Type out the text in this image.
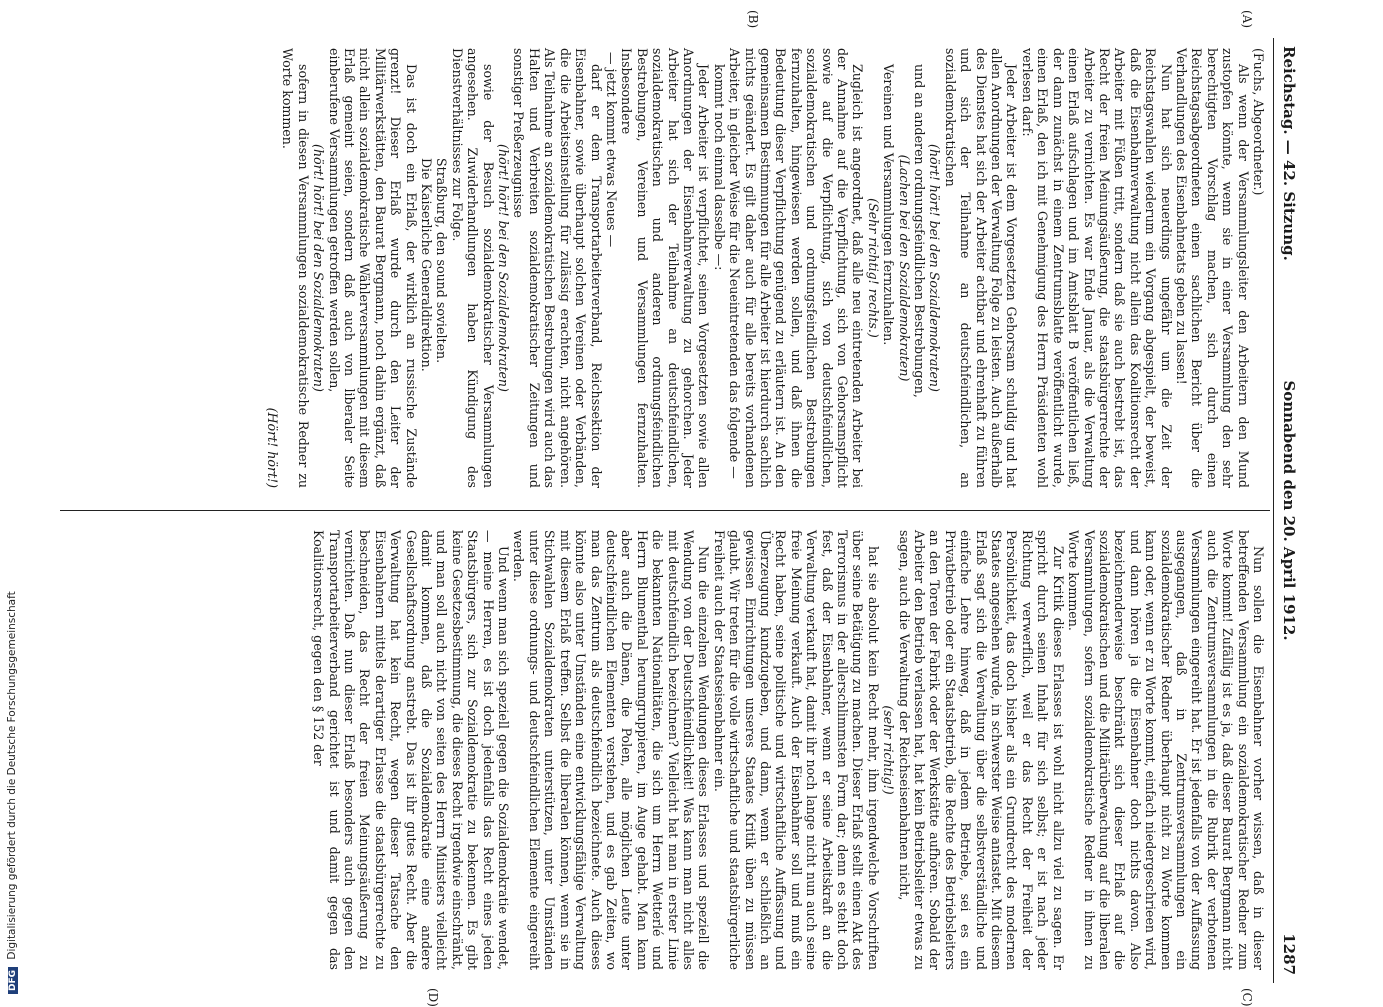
Reichstag. — 42. Sitzung.
Sonnabend den 20. April 1912.
1287
(A)
(B)
(C)
(D)

(Fuchs, Abgeordneter.)

Als wenn der Versammlungsleiter den Arbeitern den Mund zustopfen könnte, wenn sie in einer Versammlung den sehr berechtigten Vorschlag machen, sich durch einen Reichstagsabgeordneten einen sachlichen Bericht über die Verhandlungen des Eisenbahnetats geben zu lassen!

Nun hat sich neuerdings ungefähr um die Zeit der Reichstagswahlen wiederum ein Vorgang abgespielt, der beweist, daß die Eisenbahnverwaltung nicht allein das Koalitionsrecht der Arbeiter mit Füßen tritt, sondern daß sie auch bestrebt ist, das Recht der freien Meinungsäußerung, die staatsbürgerrechte der Arbeiter zu vernichten. Es war Ende Januar, als die Verwaltung einen Erlaß aufschlagen und im Amtsblatt B veröffentlichen ließ, der dann zunächst in einem Zentrumsblatte veröffentlicht wurde, einen Erlaß, den ich mit Genehmigung des Herrn Präsidenten wohl verlesen darf:

Jeder Arbeiter ist dem Vorgesetzten Gehorsam schuldig und hat allen Anordnungen der Verwaltung Folge zu leisten. Auch außerhalb des Dienstes hat sich der Arbeiter achtbar und ehrenhaft zu führen und sich der Teilnahme an deutschfeindlichen, an sozialdemokratischen

(hört! hört! bei den Sozialdemokraten)

und an anderen ordnungsfeindlichen Bestrebungen,

(Lachen bei den Sozialdemokraten)

Vereinen und Versammlungen fernzuhalten.

(Sehr richtig! rechts.)

Zugleich ist angeordnet, daß alle neu eintretenden Arbeiter bei der Annahme auf die Verpflichtung, sich von Gehorsamspflicht sowie auf die Verpflichtung, sich von deutschfeindlichen, sozialdemokratischen und ordnungsfeindlichen Bestrebungen fernzuhalten, hingewiesen werden sollen, und daß ihnen die Bedeutung dieser Verpflichtung genügend zu erläutern ist. An den gemeinsamen Bestimmungen für alle Arbeiter ist hierdurch sachlich nichts geändert. Es gilt daher auch für alle bereits vorhandenen Arbeiter, in gleicher Weise für die Neueintretenden das folgende —

kommt noch einmal dasselbe —:

Jeder Arbeiter ist verpflichtet, seinen Vorgesetzten sowie allen Anordnungen der Eisenbahnverwaltung zu gehorchen. Jeder Arbeiter hat sich der Teilnahme an deutschfeindlichen, sozialdemokratischen und anderen ordnungsfeindlichen Bestrebungen, Vereinen und Versammlungen fernzuhalten. Insbesondere

— jetzt kommt etwas Neues —

darf er dem Transportarbeiterverband, Reichssektion der Eisenbahner, sowie überhaupt solchen Vereinen oder Verbänden, die die Arbeitseinstellung für zulässig erachten, nicht angehören. Als Teilnahme an sozialdemokratischen Bestrebungen wird auch das Halten und Verbreiten sozialdemokratischer Zeitungen und sonstiger Preßerzeugnisse

(hört! hört! bei den Sozialdemokraten)

sowie der Besuch sozialdemokratischer Versammlungen angesehen. Zuwiderhandlungen haben Kündigung des Dienstverhältnisses zur Folge.

Straßburg, den sound sovielten.

Die Kaiserliche Generaldirektion.

Das ist doch ein Erlaß, der wirklich an russische Zustände grenzt! Dieser Erlaß wurde durch den Leiter der Militärwerkstätten, den Baurat Bergmann, noch dahin ergänzt, daß nicht allein sozialdemokratische Wählerversammlungen mit diesem Erlaß gemeint seien, sondern daß auch von liberaler Seite einberufene Versammlungen getroffen werden sollen,

(hört! hört! bei den Sozialdemokraten)

sofern in diesen Versammlungen sozialdemokratische Redner zu Worte kommen.

(Hört! hört!)

Nun sollen die Eisenbahner vorher wissen, daß in dieser betreffenden Versammlung ein sozialdemokratischer Redner zum Worte kommt! Zufällig ist es ja, daß dieser Baurat Bergmann nicht auch die Zentrumsversammlungen in die Rubrik der verbotenen Versammlungen eingereiht hat. Er ist jedenfalls von der Auffassung ausgegangen, daß in Zentrumsversammlungen ein sozialdemokratischer Redner überhaupt nicht zu Worte kommen kann oder, wenn er zu Worte kommt, einfach niedergeschrieen wird, und dann hören ja die Eisenbahner doch nichts davon. Also bezeichnenderweise beschränkt sich dieser Erlaß auf die sozialdemokratischen und die Militärüberwachung auf die liberalen Versammlungen, sofern sozialdemokratische Redner in ihnen zu Worte kommen.

Zur Kritik dieses Erlasses ist wohl nicht allzu viel zu sagen. Er spricht durch seinen Inhalt für sich selbst; er ist nach jeder Richtung verwerflich, weil er das Recht der Freiheit der Persönlichkeit, das doch bisher als ein Grundrecht des modernen Staates angesehen wurde, in schwerster Weise antastet. Mit diesem Erlaß sagt sich die Verwaltung über die selbstverständliche und einfache Lehre hinweg, daß in jedem Betriebe, sei es ein Privatbetrieb oder ein Staatsbetrieb, die Rechte des Betriebsleiters an den Toren der Fabrik oder der Werkstätte aufhören. Sobald der Arbeiter den Betrieb verlassen hat, hat kein Betriebsleiter etwas zu sagen, auch die Verwaltung der Reichseisenbahnen nicht,

(sehr richtig!)

hat sie absolut kein Recht mehr, ihm irgendwelche Vorschriften über seine Betätigung zu machen. Dieser Erlaß stellt einen Akt des Terrorismus in der allerschlimmsten Form dar; denn es steht doch fest, daß der Eisenbahner, wenn er seine Arbeitskraft an die Verwaltung verkauft hat, damit ihr noch lange nicht nun auch seine freie Meinung verkauft. Auch der Eisenbahner soll und muß ein Recht haben, seine politische und wirtschaftliche Auffassung und Überzeugung kundzugeben, und dann, wenn er schließlich an gewissen Einrichtungen unseres Staates Kritik üben zu müssen glaubt. Wir treten für die volle wirtschaftliche und staatsbürgerliche Freiheit auch der Staatseisenbahner ein.

Nun die einzelnen Wendungen dieses Erlasses und speziell die Wendung von der Deutschfeindlichkeit! Was kann man nicht alles mit deutschfeindlich bezeichnen? Vielleicht hat man in erster Linie die bekannten Nationalitäten, die sich um Herrn Wetterlé und Herrn Blumenthal herumgruppieren, im Auge gehabt. Man kann aber auch die Dänen, die Polen, alle möglichen Leute unter deutschfeindlichen Elementen verstehen, und es gab Zeiten, wo man das Zentrum als deutschfeindlich bezeichnete. Auch dieses könnte also unter Umständen eine entwicklungsfähige Verwaltung mit diesem Erlaß treffen. Selbst die liberalen können, wenn sie in Stichwahlen Sozialdemokraten unterstützen, unter Umständen unter diese ordnungs- und deutschfeindlichen Elemente eingereiht werden.

Und wenn man sich speziell gegen die Sozialdemokratie wendet, — meine Herren, es ist doch jedenfalls das Recht eines jeden Staatsbürgers, sich zur Sozialdemokratie zu bekennen. Es gibt keine Gesetzesbestimmung, die dieses Recht irgendwie einschränkt, und man soll auch nicht von seiten des Herrn Ministers vielleicht damit kommen, daß die Sozialdemokratie eine andere Gesellschaftsordnung anstrebt. Das ist ihr gutes Recht. Aber die Verwaltung hat kein Recht, wegen dieser Tatsache den Eisenbahnern mittels derartiger Erlasse die staatsbürgerrechte zu beschneiden, das Recht der freien Meinungsäußerung zu vernichten. Daß nun dieser Erlaß besonders auch gegen den Transportarbeiterverband gerichtet ist und damit gegen das Koalitionsrecht, gegen den § 152 der

DFG Digitalisierung gefördert durch die Deutsche Forschungsgemeinschaft
